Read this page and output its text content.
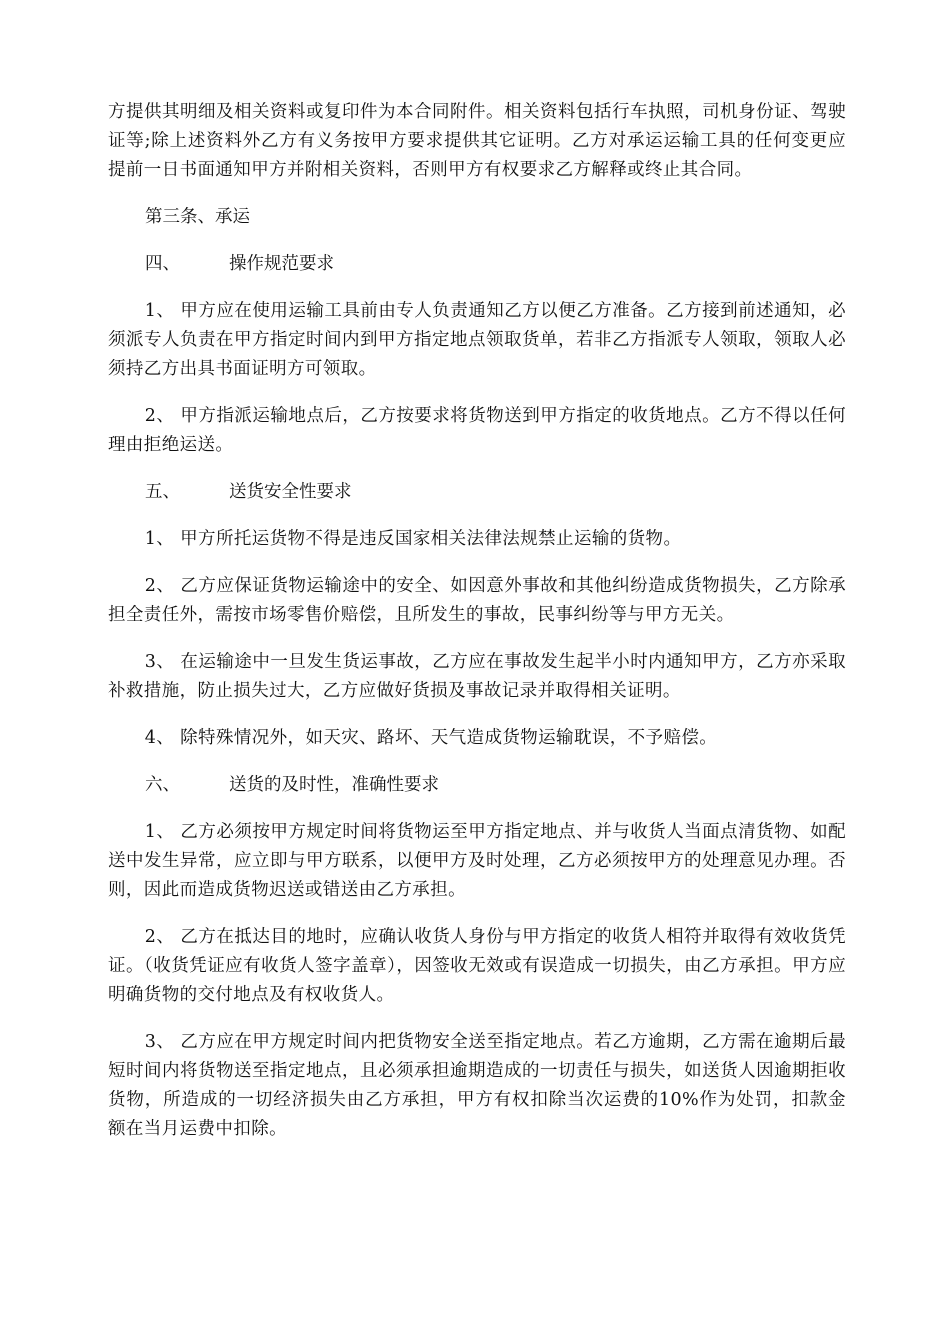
方提供其明细及相关资料或复印件为本合同附件。相关资料包括行车执照，司机身份证、驾驶证等;除上述资料外乙方有义务按甲方要求提供其它证明。乙方对承运运输工具的任何变更应提前一日书面通知甲方并附相关资料，否则甲方有权要求乙方解释或终止其合同。

第三条、承运

四、	操作规范要求

1、 甲方应在使用运输工具前由专人负责通知乙方以便乙方准备。乙方接到前述通知，必须派专人负责在甲方指定时间内到甲方指定地点领取货单，若非乙方指派专人领取，领取人必须持乙方出具书面证明方可领取。

2、 甲方指派运输地点后，乙方按要求将货物送到甲方指定的收货地点。乙方不得以任何理由拒绝运送。

五、	送货安全性要求

1、 甲方所托运货物不得是违反国家相关法律法规禁止运输的货物。

2、 乙方应保证货物运输途中的安全、如因意外事故和其他纠纷造成货物损失，乙方除承担全责任外，需按市场零售价赔偿，且所发生的事故，民事纠纷等与甲方无关。

3、 在运输途中一旦发生货运事故，乙方应在事故发生起半小时内通知甲方，乙方亦采取补救措施，防止损失过大，乙方应做好货损及事故记录并取得相关证明。

4、 除特殊情况外，如天灾、路坏、天气造成货物运输耽误，不予赔偿。

六、	送货的及时性，准确性要求

1、 乙方必须按甲方规定时间将货物运至甲方指定地点、并与收货人当面点清货物、如配送中发生异常，应立即与甲方联系，以便甲方及时处理，乙方必须按甲方的处理意见办理。否则，因此而造成货物迟送或错送由乙方承担。

2、 乙方在抵达目的地时，应确认收货人身份与甲方指定的收货人相符并取得有效收货凭证。（收货凭证应有收货人签字盖章），因签收无效或有误造成一切损失，由乙方承担。甲方应明确货物的交付地点及有权收货人。

3、 乙方应在甲方规定时间内把货物安全送至指定地点。若乙方逾期，乙方需在逾期后最短时间内将货物送至指定地点，且必须承担逾期造成的一切责任与损失，如送货人因逾期拒收货物，所造成的一切经济损失由乙方承担，甲方有权扣除当次运费的10%作为处罚，扣款金额在当月运费中扣除。
